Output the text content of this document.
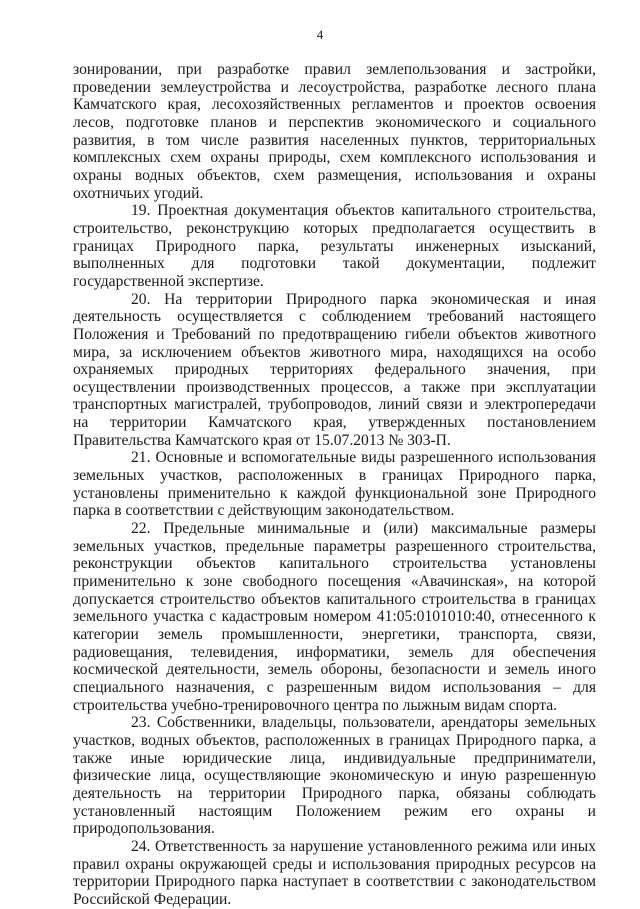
4

зонировании, при разработке правил землепользования и застройки, проведении землеустройства и лесоустройства, разработке лесного плана Камчатского края, лесохозяйственных регламентов и проектов освоения лесов, подготовке планов и перспектив экономического и социального развития, в том числе развития населенных пунктов, территориальных комплексных схем охраны природы, схем комплексного использования и охраны водных объектов, схем размещения, использования и охраны охотничьих угодий.

19. Проектная документация объектов капитального строительства, строительство, реконструкцию которых предполагается осуществить в границах Природного парка, результаты инженерных изысканий, выполненных для подготовки такой документации, подлежит государственной экспертизе.

20. На территории Природного парка экономическая и иная деятельность осуществляется с соблюдением требований настоящего Положения и Требований по предотвращению гибели объектов животного мира, за исключением объектов животного мира, находящихся на особо охраняемых природных территориях федерального значения, при осуществлении производственных процессов, а также при эксплуатации транспортных магистралей, трубопроводов, линий связи и электропередачи на территории Камчатского края, утвержденных постановлением Правительства Камчатского края от 15.07.2013 № 303-П.

21. Основные и вспомогательные виды разрешенного использования земельных участков, расположенных в границах Природного парка, установлены применительно к каждой функциональной зоне Природного парка в соответствии с действующим законодательством.

22. Предельные минимальные и (или) максимальные размеры земельных участков, предельные параметры разрешенного строительства, реконструкции объектов капитального строительства установлены применительно к зоне свободного посещения «Авачинская», на которой допускается строительство объектов капитального строительства в границах земельного участка с кадастровым номером 41:05:0101010:40, отнесенного к категории земель промышленности, энергетики, транспорта, связи, радиовещания, телевидения, информатики, земель для обеспечения космической деятельности, земель обороны, безопасности и земель иного специального назначения, с разрешенным видом использования – для строительства учебно-тренировочного центра по лыжным видам спорта.

23. Собственники, владельцы, пользователи, арендаторы земельных участков, водных объектов, расположенных в границах Природного парка, а также иные юридические лица, индивидуальные предприниматели, физические лица, осуществляющие экономическую и иную разрешенную деятельность на территории Природного парка, обязаны соблюдать установленный настоящим Положением режим его охраны и природопользования.

24. Ответственность за нарушение установленного режима или иных правил охраны окружающей среды и использования природных ресурсов на территории Природного парка наступает в соответствии с законодательством Российской Федерации.
